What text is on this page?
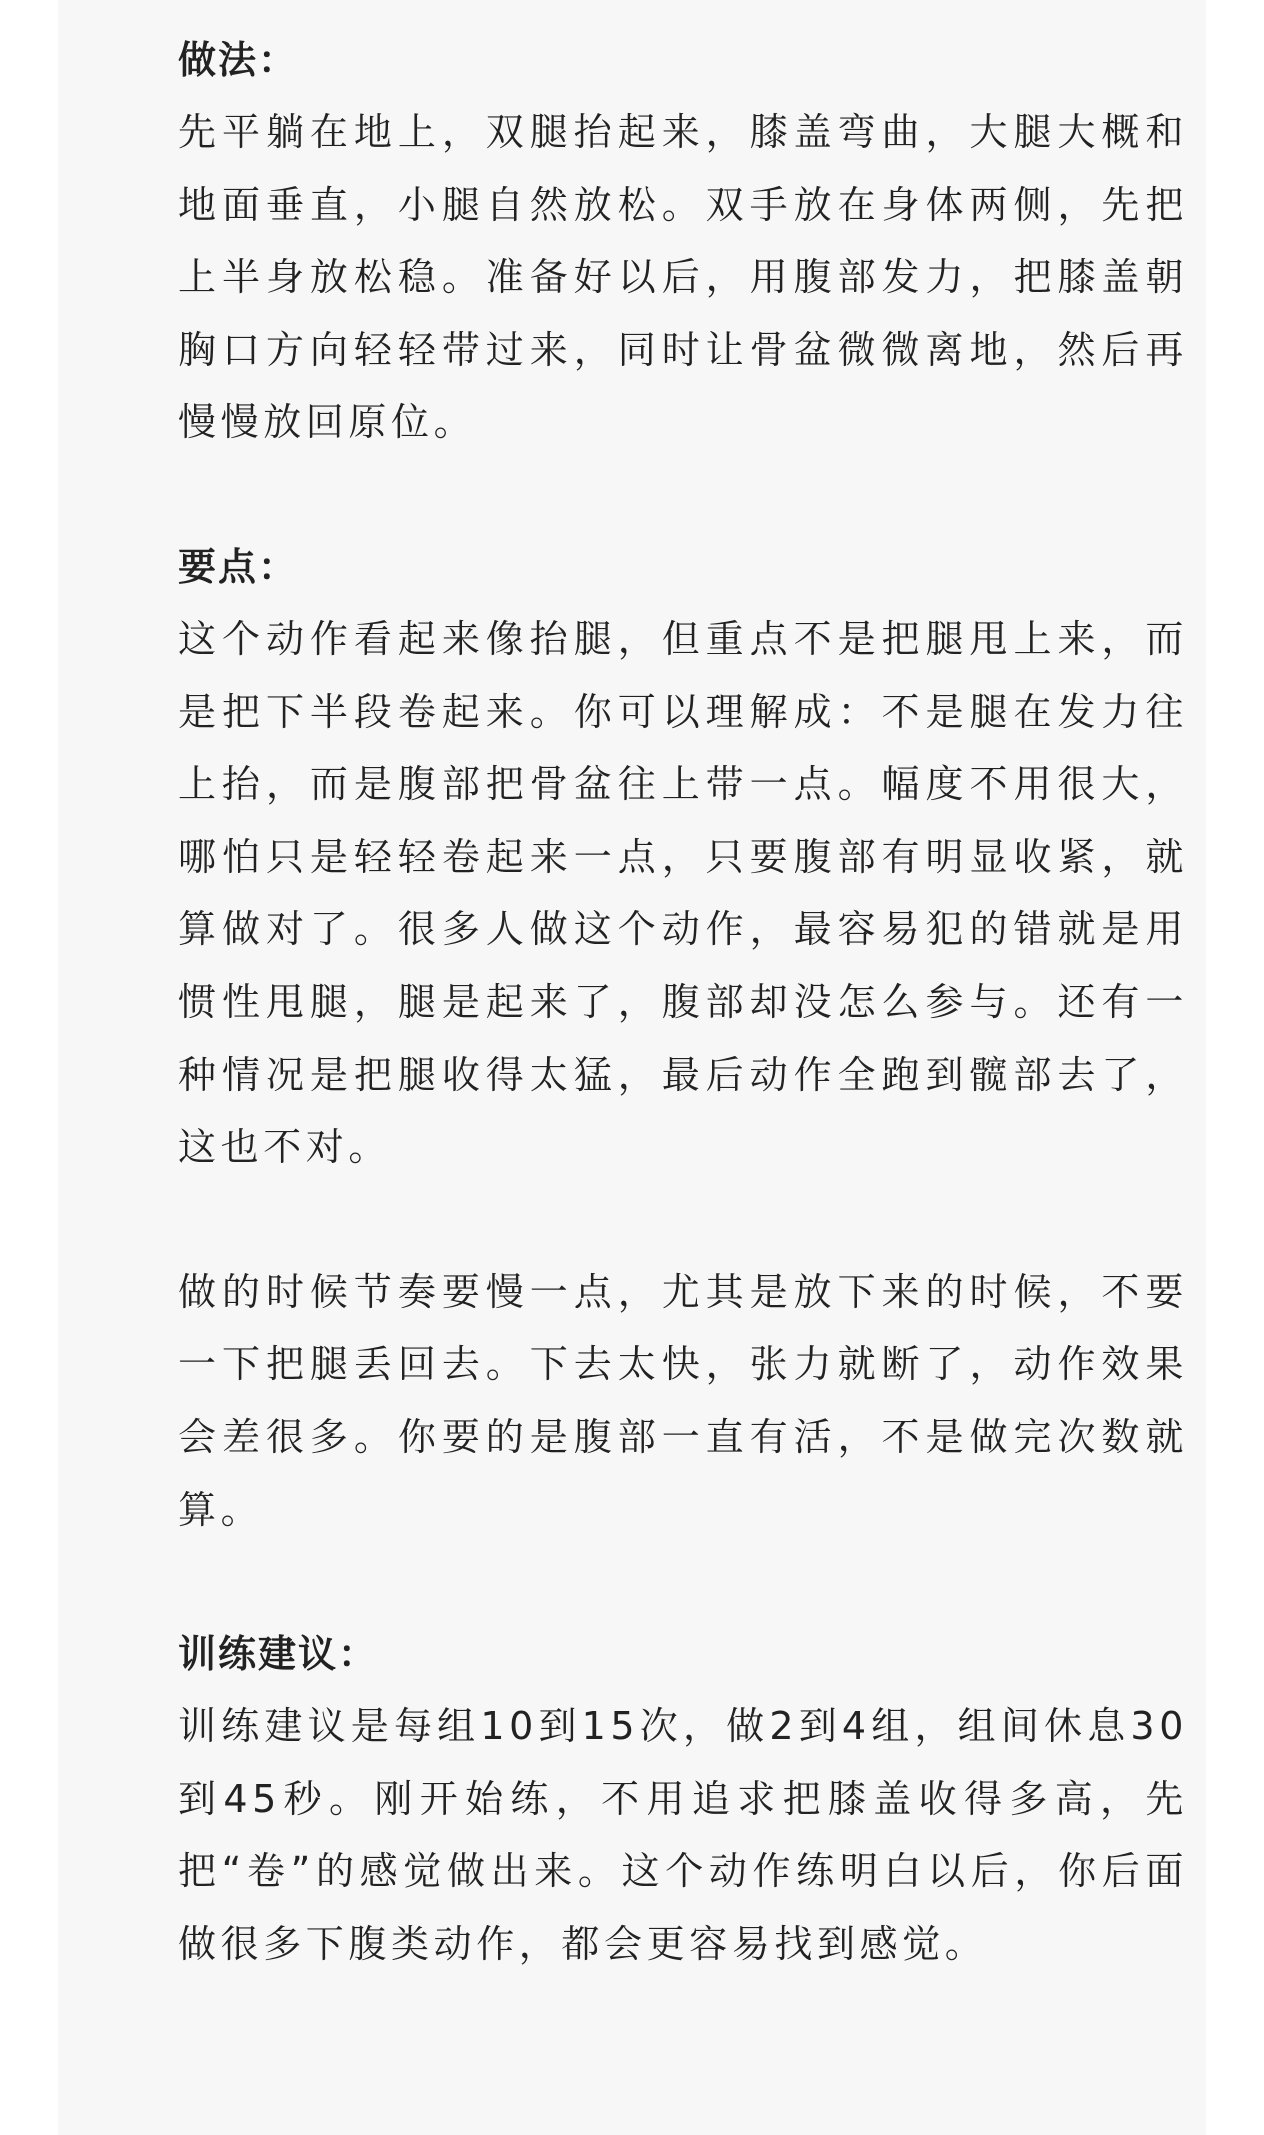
做法：

先平躺在地上，双腿抬起来，膝盖弯曲，大腿大概和地面垂直，小腿自然放松。双手放在身体两侧，先把上半身放松稳。准备好以后，用腹部发力，把膝盖朝胸口方向轻轻带过来，同时让骨盆微微离地，然后再慢慢放回原位。

要点：

这个动作看起来像抬腿，但重点不是把腿甩上来，而是把下半段卷起来。你可以理解成：不是腿在发力往上抬，而是腹部把骨盆往上带一点。幅度不用很大，哪怕只是轻轻卷起来一点，只要腹部有明显收紧，就算做对了。很多人做这个动作，最容易犯的错就是用惯性甩腿，腿是起来了，腹部却没怎么参与。还有一种情况是把腿收得太猛，最后动作全跑到髋部去了，这也不对。

做的时候节奏要慢一点，尤其是放下来的时候，不要一下把腿丢回去。下去太快，张力就断了，动作效果会差很多。你要的是腹部一直有活，不是做完次数就算。

训练建议：

训练建议是每组10到15次，做2到4组，组间休息30到45秒。刚开始练，不用追求把膝盖收得多高，先把“卷”的感觉做出来。这个动作练明白以后，你后面做很多下腹类动作，都会更容易找到感觉。
